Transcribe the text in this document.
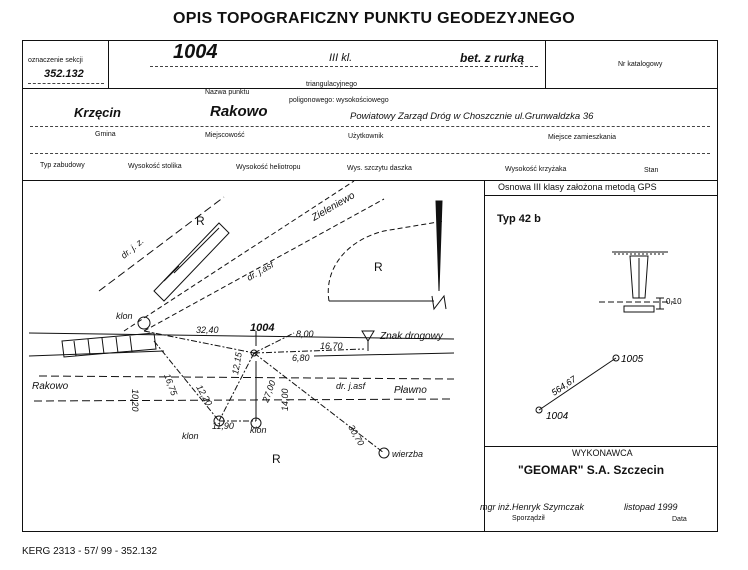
OPIS TOPOGRAFICZNY PUNKTU GEODEZYJNEGO
oznaczenie sekcji
352.132
1004	III kl.	bet. z rurką	Nr katalogowy
Nazwa punktu
triangulacyjnego
poligonowego: wysokościowego
Krzęcin	Rakowo	Powiatowy Zarząd Dróg w Choszcznie ul.Grunwaldzka 36
Gmina	Miejscowość	Użytkownik	Miejsce zamieszkania
Typ zabudowy	Wysokość stolika	Wysokość heliotropu	Wys. szczytu daszka	Wysokość krzyżaka	Stan
Osnowa III klasy założona metodą GPS
Typ 42 b
0,10
1005
1004
564,67
WYKONAWCA
"GEOMAR" S.A. Szczecin
mgr inż.Henryk Szymczak	listopad 1999
Sporządził	Data
R
R
R
Zieleniewo
dr. j. z.
dr. j.asf
dr. j.asf	Pławno
Rakowo
klon
klon
klon
wierzba
Znak drogowy
1004
32,40	8,00
16,70
6,80
11,90
27,00
30,70
12,20
12,15
16,75
14,00
10,20
KERG 2313 - 57/ 99 - 352.132
